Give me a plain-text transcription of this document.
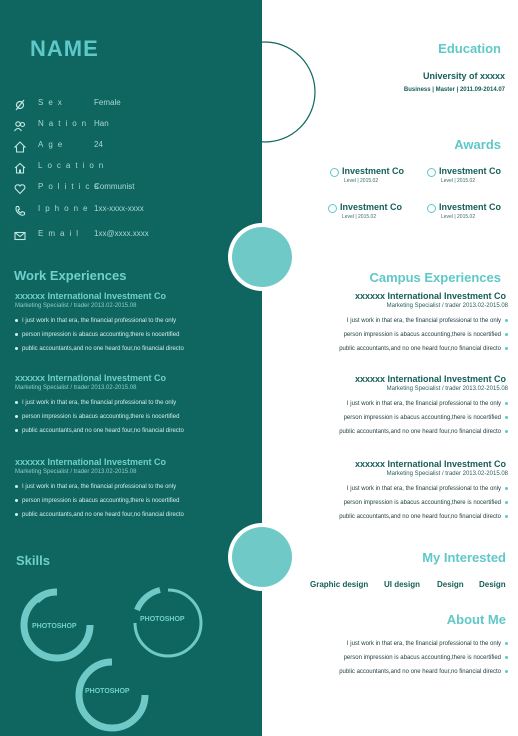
NAME
Sex	Female
Nation Han
Age	24
Location
Politics
Communist
Iphone 1xx-xxxx-xxxx
Email 1xx@xxxx.xxxx
Work Experiences
xxxxxx International Investment Co
Marketing Specialist / trader 2013.02-2015.08
I just work in that era, the financial professional to the only
person impression is abacus accounting,there is nocertified
public accountants,and no one heard four,no financial directo
xxxxxx International Investment Co
Marketing Specialist / trader 2013.02-2015.08
I just work in that era, the financial professional to the only
person impression is abacus accounting,there is nocertified
public accountants,and no one heard four,no financial directo
xxxxxx International Investment Co
Marketing Specialist / trader 2013.02-2015.08
I just work in that era, the financial professional to the only
person impression is abacus accounting,there is nocertified
public accountants,and no one heard four,no financial directo
Skills
PHOTOSHOP
PHOTOSHOP
PHOTOSHOP
Education
University of xxxxx
Business | Master | 2011.09-2014.07
Awards
Investment Co
Level | 2015.02
Investment Co
Level | 2015.02
Investment Co
Level | 2015.02
Investment Co
Level | 2015.02
Campus Experiences
xxxxxx International Investment Co
Marketing Specialist / trader 2013.02-2015.08
I just work in that era, the financial professional to the only
person impression is abacus accounting,there is nocertified
public accountants,and no one heard four,no financial directo
xxxxxx International Investment Co
Marketing Specialist / trader 2013.02-2015.08
I just work in that era, the financial professional to the only
person impression is abacus accounting,there is nocertified
public accountants,and no one heard four,no financial directo
xxxxxx International Investment Co
Marketing Specialist / trader 2013.02-2015.08
I just work in that era, the financial professional to the only
person impression is abacus accounting,there is nocertified
public accountants,and no one heard four,no financial directo
My Interested
Graphic design UI design Design Design
About Me
I just work in that era, the financial professional to the only
person impression is abacus accounting,there is nocertified
public accountants,and no one heard four,no financial directo
